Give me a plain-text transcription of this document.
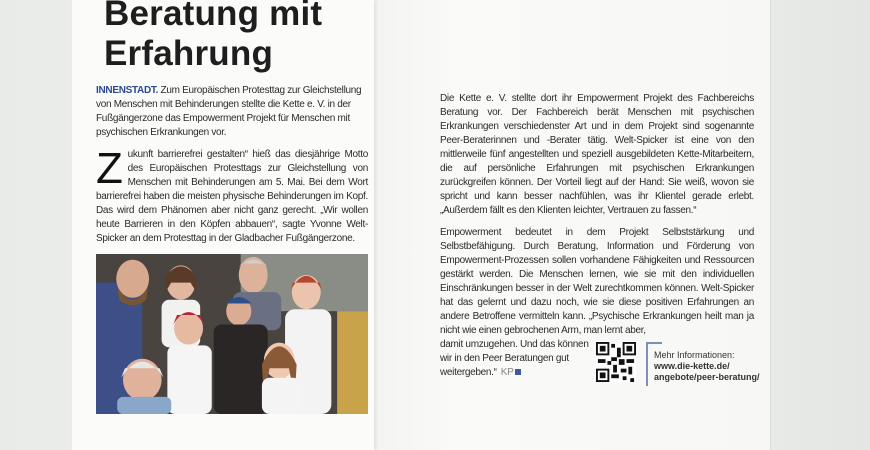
Beratung mit
Erfahrung
INNENSTADT. Zum Europäischen Protesttag zur Gleichstellung von Menschen mit Behinderungen stellte die Kette e. V. in der Fußgängerzone das Empowerment Projekt für Menschen mit psychischen Erkrankungen vor.
Zukunft barrierefrei gestalten“ hieß das diesjährige Motto des Europäischen Protesttags zur Gleichstellung von Menschen mit Behinderungen am 5. Mai. Bei dem Wort barrierefrei haben die meisten physische Behinderungen im Kopf. Das wird dem Phänomen aber nicht ganz gerecht. „Wir wollen heute Barrieren in den Köpfen abbauen“, sagte Yvonne Welt-Spicker an dem Protesttag in der Gladbacher Fußgängerzone.
Die Kette e. V. stellte dort ihr Empowerment Projekt des Fachbereichs Beratung vor. Der Fachbereich berät Menschen mit psychischen Erkrankungen verschiedenster Art und in dem Projekt sind sogenannte Peer-Beraterinnen und -Berater tätig. Welt-Spicker ist eine von den mittlerweile fünf angestellten und speziell ausgebildeten Kette-Mitarbeitern, die auf persönliche Erfahrungen mit psychischen Erkrankungen zurückgreifen können. Der Vorteil liegt auf der Hand: Sie weiß, wovon sie spricht und kann besser nachfühlen, was ihr Klientel gerade erlebt. „Außerdem fällt es den Klienten leichter, Vertrauen zu fassen.“
Empowerment bedeutet in dem Projekt Selbststärkung und Selbstbefähigung. Durch Beratung, Information und Förderung von Empowerment-Prozessen sollen vorhandene Fähigkeiten und Ressourcen gestärkt werden. Die Menschen lernen, wie sie mit den individuellen Einschränkungen besser in der Welt zurechtkommen können. Welt-Spicker hat das gelernt und dazu noch, wie sie diese positiven Erfahrungen an andere Betroffene vermitteln kann. „Psychische Erkrankungen heilt man ja nicht wie einen gebrochenen Arm, man lernt aber,
damit umzugehen. Und das können wir in den Peer Beratungen gut weitergeben.“ KP
Mehr Informationen:
www.die-kette.de/
angebote/peer-beratung/
